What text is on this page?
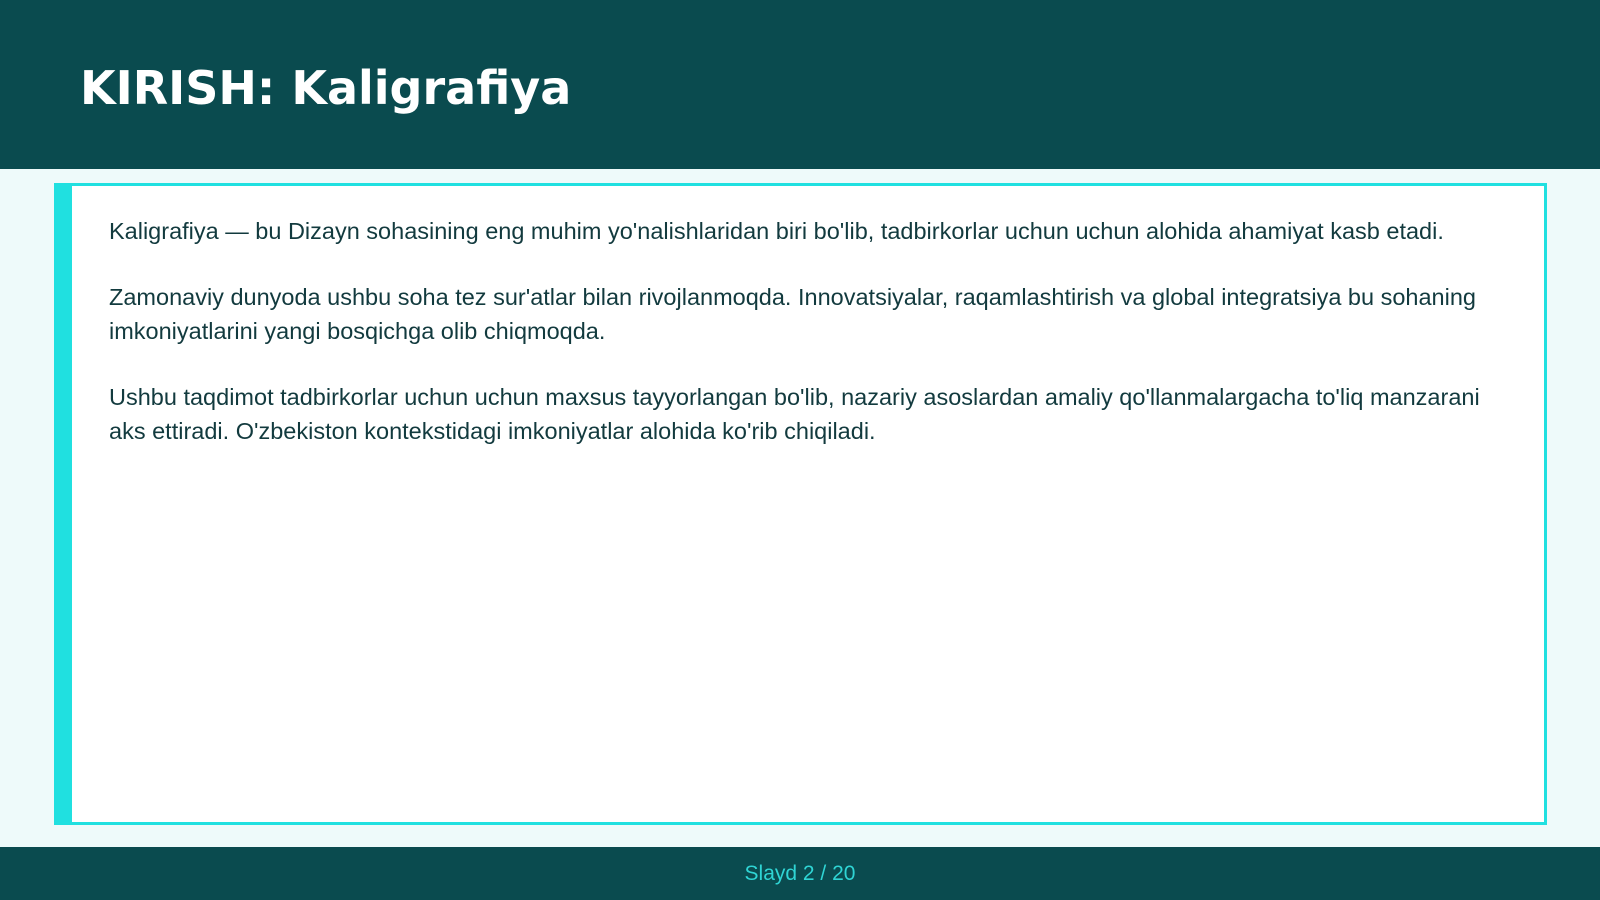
KIRISH: Kaligrafiya

Kaligrafiya — bu Dizayn sohasining eng muhim yo'nalishlaridan biri bo'lib, tadbirkorlar uchun uchun alohida ahamiyat kasb etadi.

Zamonaviy dunyoda ushbu soha tez sur'atlar bilan rivojlanmoqda. Innovatsiyalar, raqamlashtirish va global integratsiya bu sohaning imkoniyatlarini yangi bosqichga olib chiqmoqda.

Ushbu taqdimot tadbirkorlar uchun uchun maxsus tayyorlangan bo'lib, nazariy asoslardan amaliy qo'llanmalargacha to'liq manzarani aks ettiradi. O'zbekiston kontekstidagi imkoniyatlar alohida ko'rib chiqiladi.

Slayd 2 / 20
